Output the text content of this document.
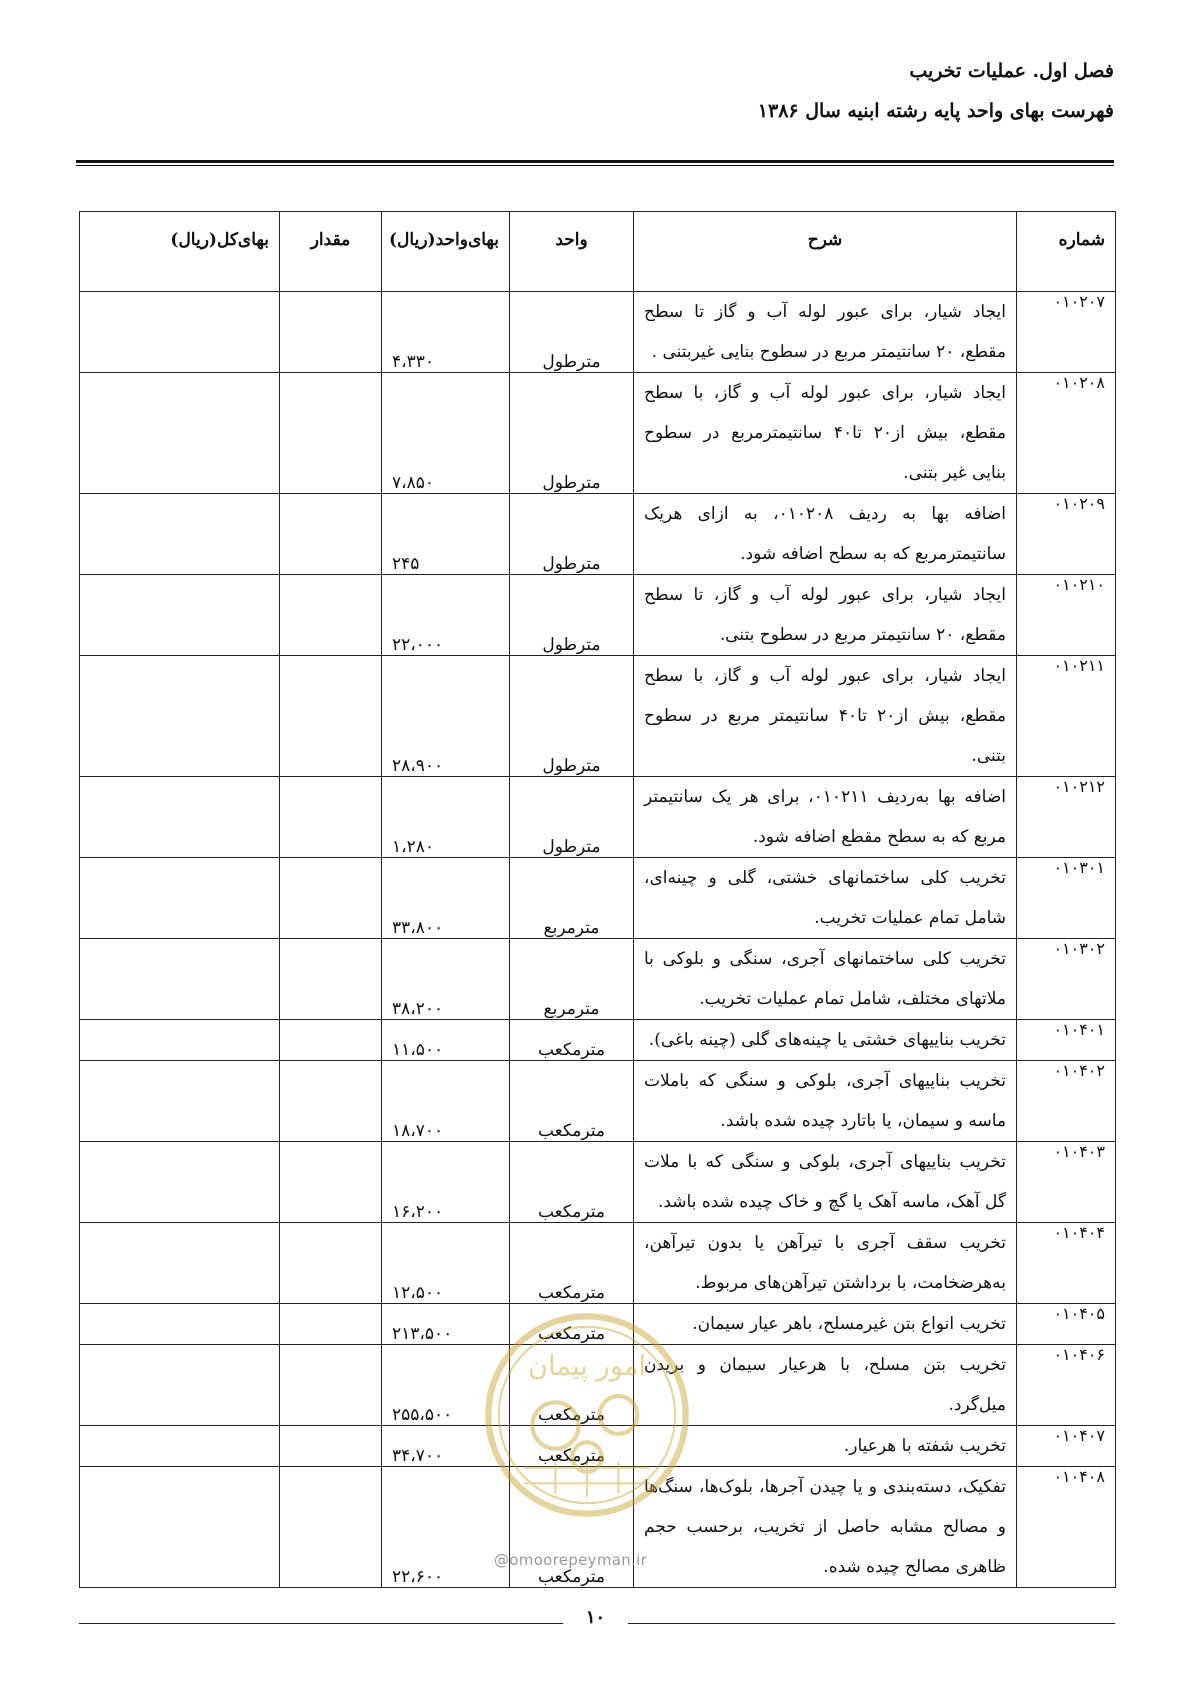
فصل اول. عملیات تخریب
فهرست بهای واحد پایه رشته ابنیه سال ۱۳۸۶
شماره	شرح	واحد	بهای‌واحد(ریال)	مقدار	بهای‌کل(ریال)
۰۱۰۲۰۷	ایجاد شیار، برای عبور لوله آب و گاز تا سطح مقطع، ۲۰ سانتیمتر مربع در سطوح بنایی غیربتنی .	مترطول	۴،۳۳۰		
۰۱۰۲۰۸	ایجاد شیار، برای عبور لوله آب و گاز، با سطح مقطع، بیش از۲۰ تا۴۰ سانتیمترمربع در سطوح بنایی غیر بتنی.	مترطول	۷،۸۵۰		
۰۱۰۲۰۹	اضافه بها به ردیف ۰۱۰۲۰۸، به ازای هریک سانتیمترمربع که به سطح اضافه شود.	مترطول	۲۴۵		
۰۱۰۲۱۰	ایجاد شیار، برای عبور لوله آب و گاز، تا سطح مقطع، ۲۰ سانتیمتر مربع در سطوح بتنی.	مترطول	۲۲،۰۰۰		
۰۱۰۲۱۱	ایجاد شیار، برای عبور لوله آب و گاز، با سطح مقطع، بیش از۲۰ تا۴۰ سانتیمتر مربع در سطوح بتنی.	مترطول	۲۸،۹۰۰		
۰۱۰۲۱۲	اضافه بها به‌ردیف ۰۱۰۲۱۱، برای هر یک سانتیمتر مربع که به سطح مقطع اضافه شود.	مترطول	۱،۲۸۰		
۰۱۰۳۰۱	تخریب کلی ساختمانهای خشتی، گلی و چینه‌ای، شامل تمام عملیات تخریب.	مترمربع	۳۳،۸۰۰		
۰۱۰۳۰۲	تخریب کلی ساختمانهای آجری، سنگی و بلوکی با ملاتهای مختلف، شامل تمام عملیات تخریب.	مترمربع	۳۸،۲۰۰		
۰۱۰۴۰۱	تخریب بناییهای خشتی یا چینه‌های گلی (چینه باغی).	مترمکعب	۱۱،۵۰۰		
۰۱۰۴۰۲	تخریب بناییهای آجری، بلوکی و سنگی که باملات ماسه و سیمان، یا باتارد چیده شده باشد.	مترمکعب	۱۸،۷۰۰		
۰۱۰۴۰۳	تخریب بناییهای آجری، بلوکی و سنگی که با ملات گل آهک، ماسه آهک یا گچ و خاک چیده شده باشد.	مترمکعب	۱۶،۲۰۰		
۰۱۰۴۰۴	تخریب سقف آجری با تیرآهن یا بدون تیرآهن، به‌هرضخامت، با برداشتن تیرآهن‌های مربوط.	مترمکعب	۱۲،۵۰۰		
۰۱۰۴۰۵	تخریب انواع بتن غیرمسلح، باهر عیار سیمان.	مترمکعب	۲۱۳،۵۰۰		
۰۱۰۴۰۶	تخریب بتن مسلح، با هرعیار سیمان و بریدن میل‌گرد.	مترمکعب	۲۵۵،۵۰۰		
۰۱۰۴۰۷	تخریب شفته با هرعیار.	مترمکعب	۳۴،۷۰۰		
۰۱۰۴۰۸	تفکیک، دسته‌بندی و یا چیدن آجرها، بلوک‌ها، سنگ‌ها و مصالح مشابه حاصل از تخریب، برحسب حجم ظاهری مصالح چیده شده.	مترمکعب	۲۲،۶۰۰		
امور پیمان
@omoorepeyman.ir
۱۰
